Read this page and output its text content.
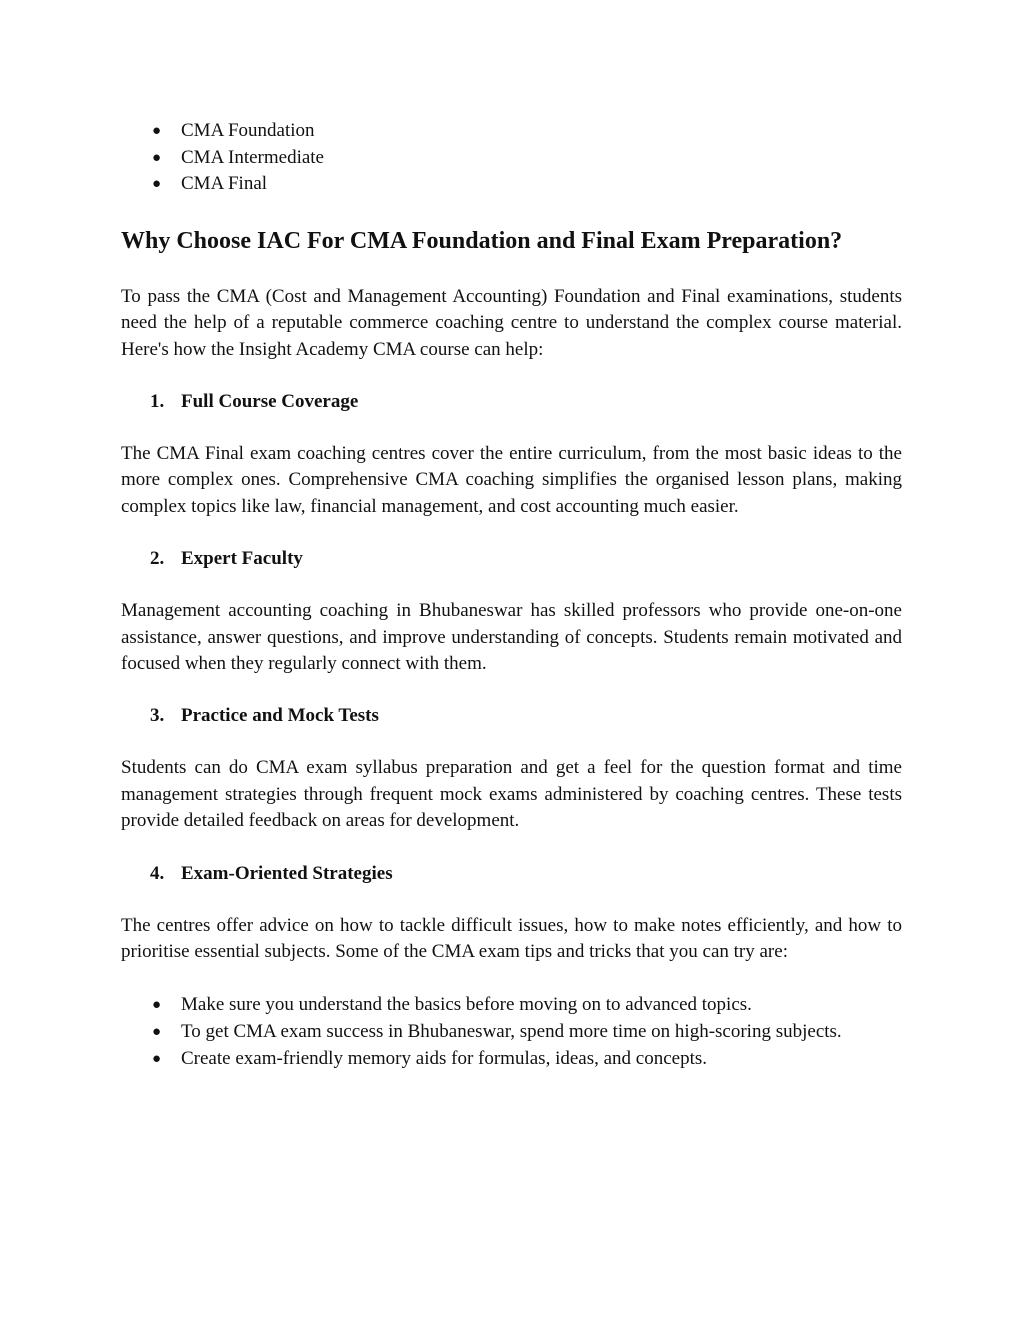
● CMA Foundation
● CMA Intermediate
● CMA Final
Why Choose IAC For CMA Foundation and Final Exam Preparation?

To pass the CMA (Cost and Management Accounting) Foundation and Final examinations, students need the help of a reputable commerce coaching centre to understand the complex course material. Here's how the Insight Academy CMA course can help:

1. Full Course Coverage

The CMA Final exam coaching centres cover the entire curriculum, from the most basic ideas to the more complex ones. Comprehensive CMA coaching simplifies the organised lesson plans, making complex topics like law, financial management, and cost accounting much easier.

2. Expert Faculty

Management accounting coaching in Bhubaneswar has skilled professors who provide one-on-one assistance, answer questions, and improve understanding of concepts. Students remain motivated and focused when they regularly connect with them.

3. Practice and Mock Tests

Students can do CMA exam syllabus preparation and get a feel for the question format and time management strategies through frequent mock exams administered by coaching centres. These tests provide detailed feedback on areas for development.

4. Exam-Oriented Strategies

The centres offer advice on how to tackle difficult issues, how to make notes efficiently, and how to prioritise essential subjects. Some of the CMA exam tips and tricks that you can try are:

● Make sure you understand the basics before moving on to advanced topics.
● To get CMA exam success in Bhubaneswar, spend more time on high-scoring subjects.
● Create exam-friendly memory aids for formulas, ideas, and concepts.
